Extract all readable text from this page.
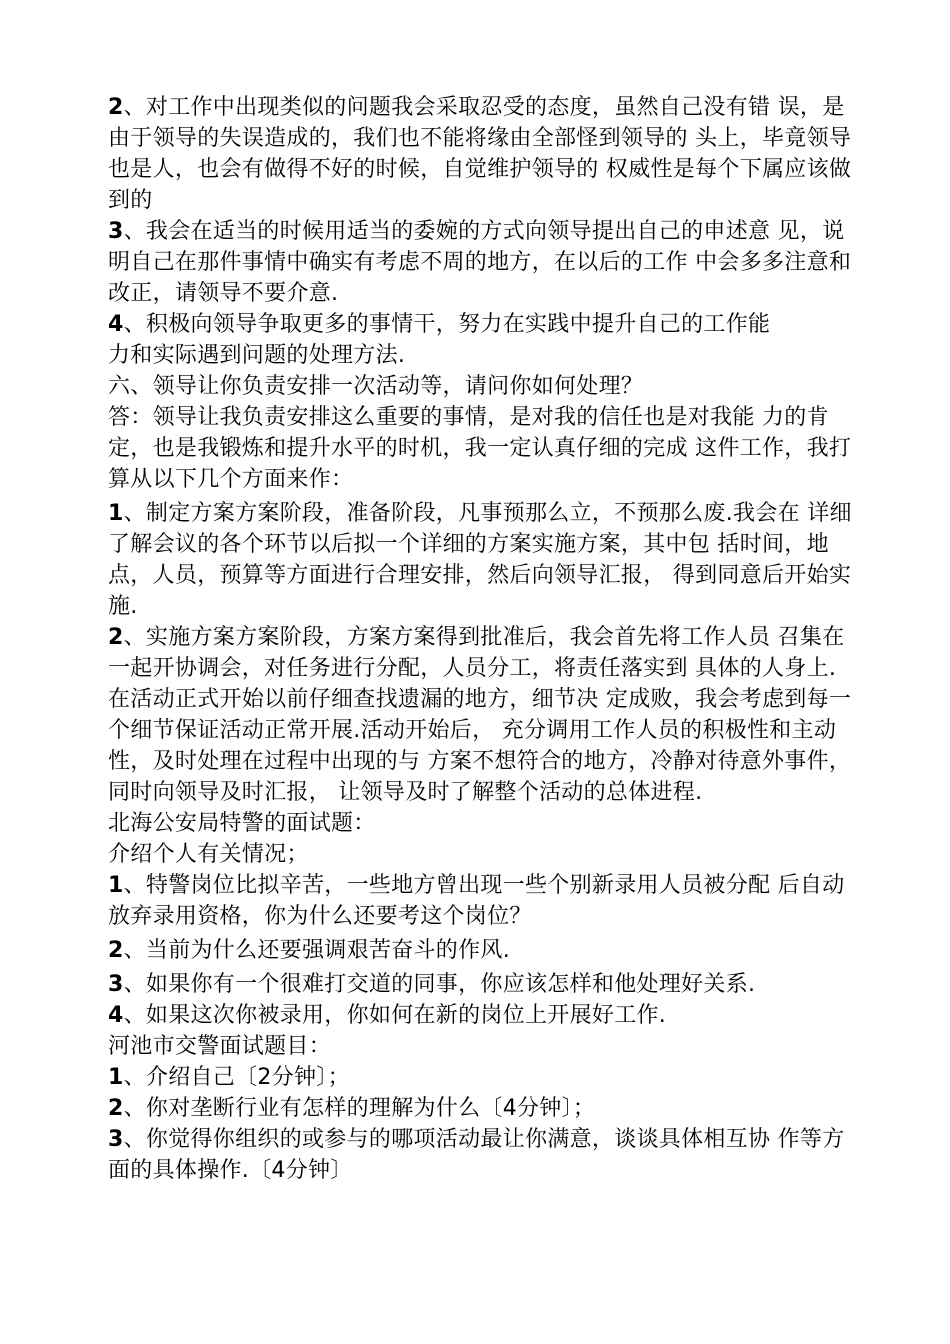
2、对工作中出现类似的问题我会采取忍受的态度，虽然自己没有错 误，是由于领导的失误造成的，我们也不能将缘由全部怪到领导的 头上，毕竟领导也是人，也会有做得不好的时候，自觉维护领导的 权威性是每个下属应该做到的

3、我会在适当的时候用适当的委婉的方式向领导提出自己的申述意 见，说明自己在那件事情中确实有考虑不周的地方，在以后的工作 中会多多注意和改正，请领导不要介意.

4、积极向领导争取更多的事情干，努力在实践中提升自己的工作能

力和实际遇到问题的处理方法.

六、领导让你负责安排一次活动等，请问你如何处理？

答：领导让我负责安排这么重要的事情，是对我的信任也是对我能 力的肯定，也是我锻炼和提升水平的时机，我一定认真仔细的完成 这件工作，我打算从以下几个方面来作：

1、制定方案方案阶段，准备阶段，凡事预那么立，不预那么废.我会在 详细了解会议的各个环节以后拟一个详细的方案实施方案，其中包 括时间，地点，人员，预算等方面进行合理安排，然后向领导汇报， 得到同意后开始实施.

2、实施方案方案阶段，方案方案得到批准后，我会首先将工作人员 召集在一起开协调会，对任务进行分配，人员分工，将责任落实到 具体的人身上.在活动正式开始以前仔细查找遗漏的地方，细节决 定成败，我会考虑到每一个细节保证活动正常开展.活动开始后， 充分调用工作人员的积极性和主动性，及时处理在过程中出现的与 方案不想符合的地方，冷静对待意外事件，同时向领导及时汇报， 让领导及时了解整个活动的总体进程.

北海公安局特警的面试题：

介绍个人有关情况；

1、特警岗位比拟辛苦，一些地方曾出现一些个别新录用人员被分配 后自动放弃录用资格，你为什么还要考这个岗位？

2、当前为什么还要强调艰苦奋斗的作风.

3、如果你有一个很难打交道的同事，你应该怎样和他处理好关系.

4、如果这次你被录用，你如何在新的岗位上开展好工作.

河池市交警面试题目：

1、介绍自己〔2分钟〕；

2、你对垄断行业有怎样的理解为什么〔4分钟〕；

3、你觉得你组织的或参与的哪项活动最让你满意，谈谈具体相互协 作等方面的具体操作.〔4分钟〕
